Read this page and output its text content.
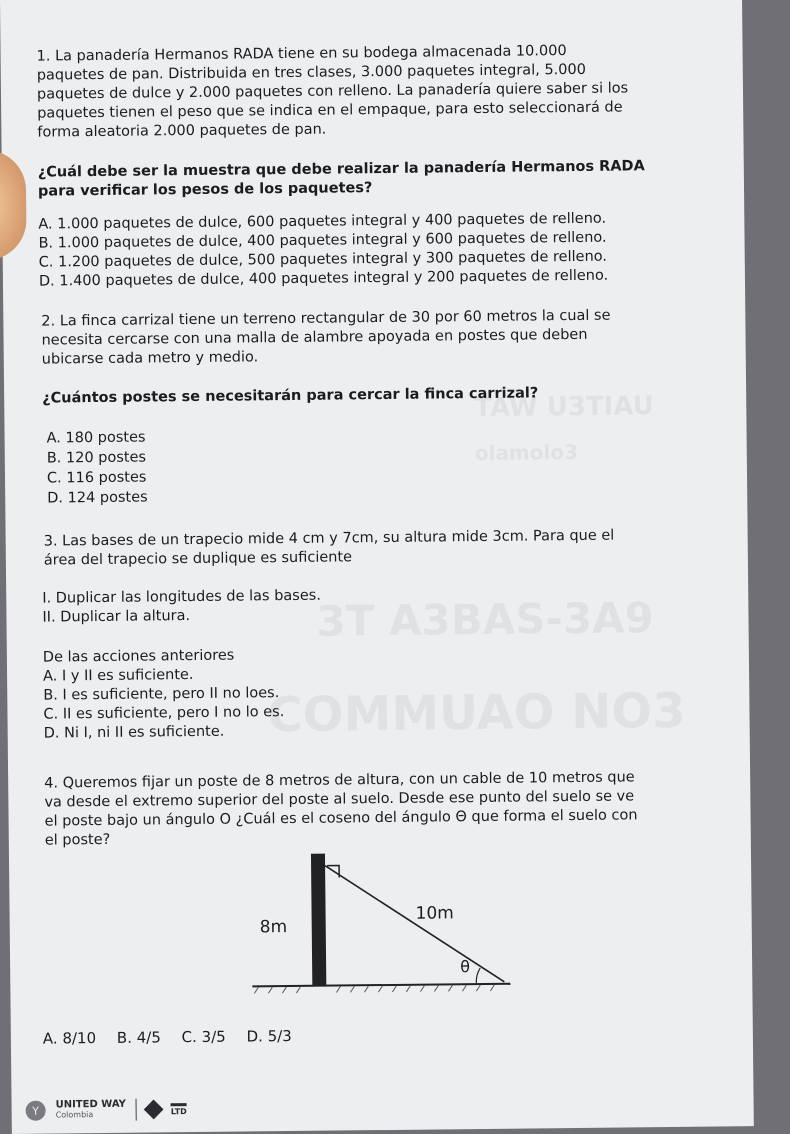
TAW U3TIAU
olamolo3
3T A3BAS-3A9
COMMUAO NO3
1. La panadería Hermanos RADA tiene en su bodega almacenada 10.000
paquetes de pan. Distribuida en tres clases, 3.000 paquetes integral, 5.000
paquetes de dulce y 2.000 paquetes con relleno. La panadería quiere saber si los
paquetes tienen el peso que se indica en el empaque, para esto seleccionará de
forma aleatoria 2.000 paquetes de pan.
¿Cuál debe ser la muestra que debe realizar la panadería Hermanos RADA
para verificar los pesos de los paquetes?
A. 1.000 paquetes de dulce, 600 paquetes integral y 400 paquetes de relleno.
B. 1.000 paquetes de dulce, 400 paquetes integral y 600 paquetes de relleno.
C. 1.200 paquetes de dulce, 500 paquetes integral y 300 paquetes de relleno.
D. 1.400 paquetes de dulce, 400 paquetes integral y 200 paquetes de relleno.
2. La finca carrizal tiene un terreno rectangular de 30 por 60 metros la cual se
necesita cercarse con una malla de alambre apoyada en postes que deben
ubicarse cada metro y medio.
¿Cuántos postes se necesitarán para cercar la finca carrizal?
A. 180 postes
B. 120 postes
C. 116 postes
D. 124 postes
3. Las bases de un trapecio mide 4 cm y 7cm, su altura mide 3cm. Para que el
área del trapecio se duplique es suficiente
I. Duplicar las longitudes de las bases.
II. Duplicar la altura.
De las acciones anteriores
A. I y II es suficiente.
B. I es suficiente, pero II no loes.
C. II es suficiente, pero I no lo es.
D. Ni I, ni II es suficiente.
4. Queremos fijar un poste de 8 metros de altura, con un cable de 10 metros que
va desde el extremo superior del poste al suelo. Desde ese punto del suelo se ve
el poste bajo un ángulo O ¿Cuál es el coseno del ángulo Θ que forma el suelo con
el poste?
8m
10m
θ
A. 8/10 B. 4/5 C. 3/5 D. 5/3
Y	UNITED WAY
Colombia	LTD
